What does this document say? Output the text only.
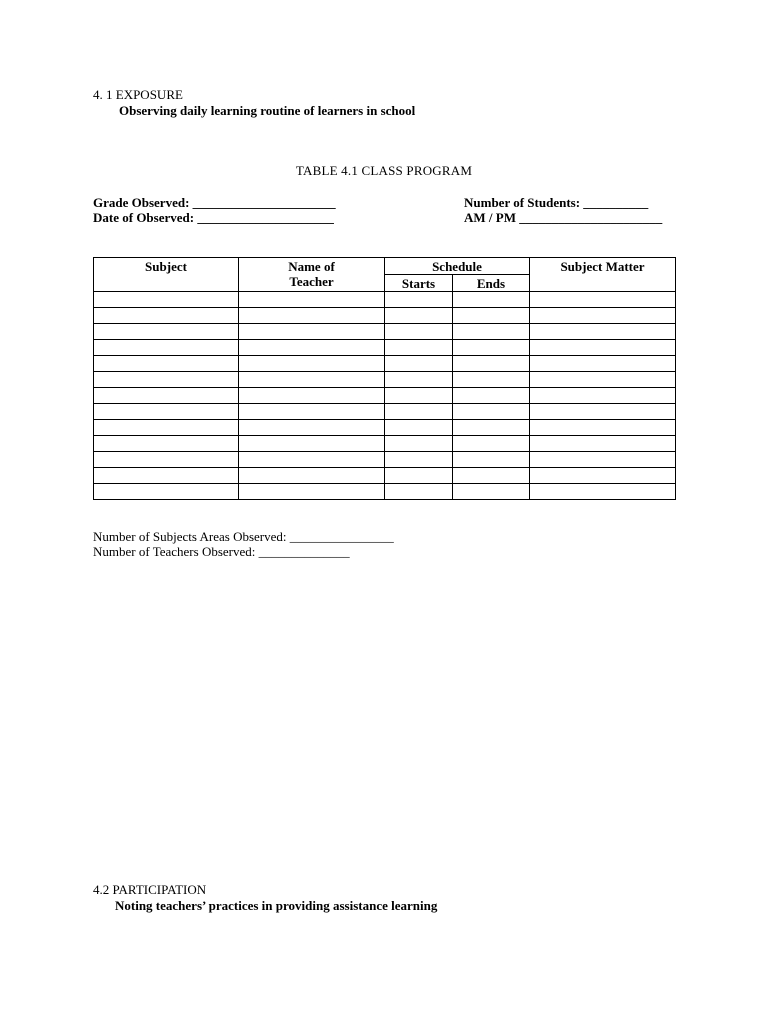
4. 1 EXPOSURE
Observing daily learning routine of learners in school
TABLE 4.1 CLASS PROGRAM
Grade Observed: ______________________	Number of Students: __________
Date of Observed: _____________________	AM / PM ______________________
Subject	Name of Teacher	Schedule		Subject Matter
		Starts	Ends	

Number of Subjects Areas Observed: ________________
Number of Teachers Observed: ______________
4.2 PARTICIPATION
Noting teachers’ practices in providing assistance learning
